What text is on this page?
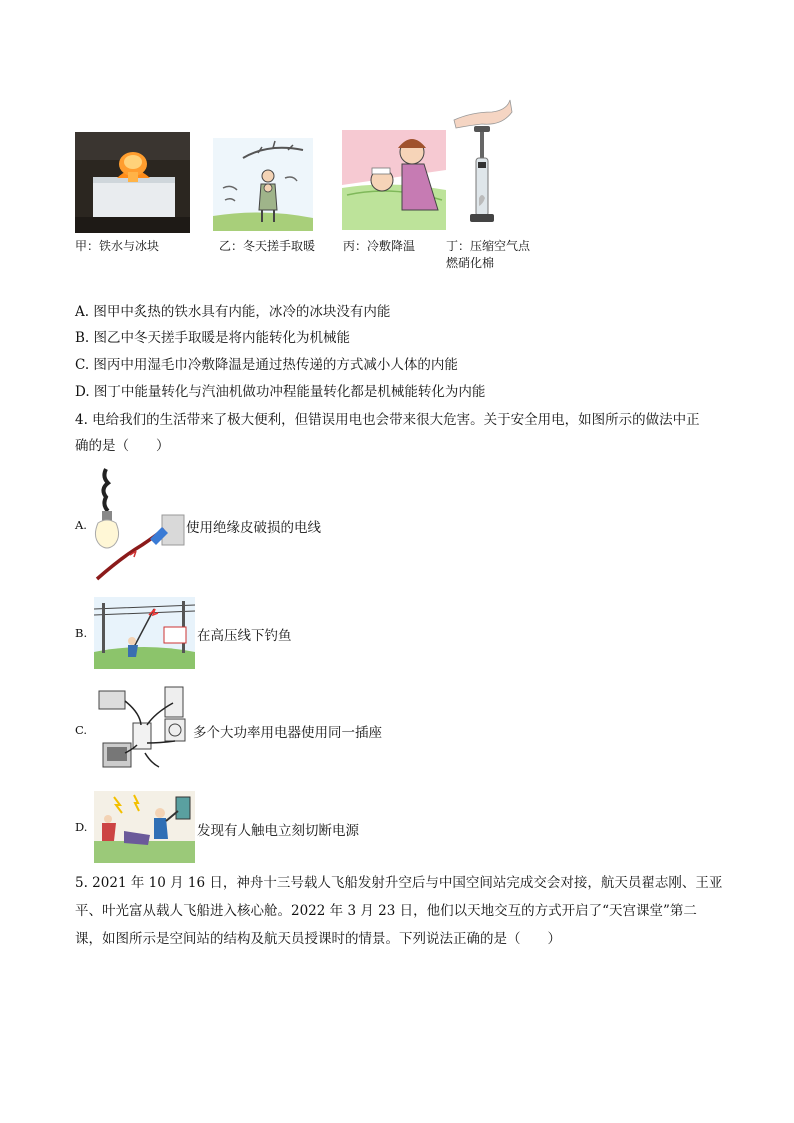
甲：铁水与冰块	乙：冬天搓手取暖 丙：冷敷降温	丁：压缩空气点
燃硝化棉
A. 图甲中炙热的铁水具有内能，冰冷的冰块没有内能
B. 图乙中冬天搓手取暖是将内能转化为机械能
C. 图丙中用湿毛巾冷敷降温是通过热传递的方式减小人体的内能
D. 图丁中能量转化与汽油机做功冲程能量转化都是机械能转化为内能
4. 电给我们的生活带来了极大便利，但错误用电也会带来很大危害。关于安全用电，如图所示的做法中正
确的是（　　）
A.	使用绝缘皮破损的电线
B.	在高压线下钓鱼
C.	多个大功率用电器使用同一插座
D.	发现有人触电立刻切断电源
5. 2021 年 10 月 16 日，神舟十三号载人飞船发射升空后与中国空间站完成交会对接，航天员翟志刚、王亚
平、叶光富从载人飞船进入核心舱。2022 年 3 月 23 日，他们以天地交互的方式开启了“天宫课堂”第二
课，如图所示是空间站的结构及航天员授课时的情景。下列说法正确的是（　　）
